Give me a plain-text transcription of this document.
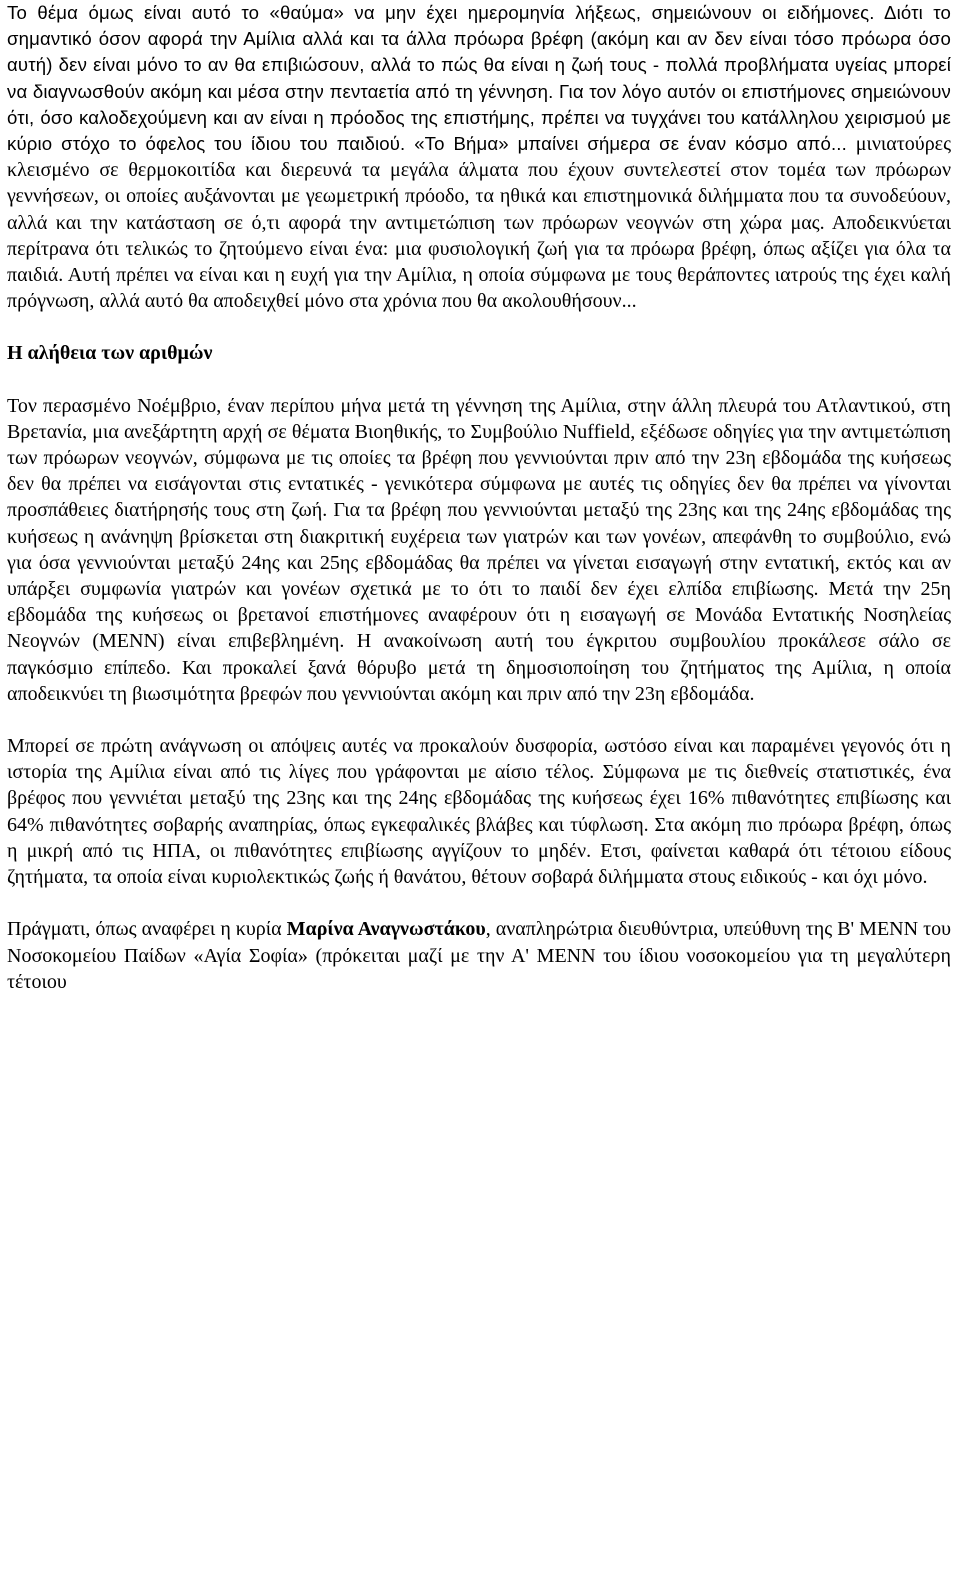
Το θέμα όμως είναι αυτό το «θαύμα» να μην έχει ημερομηνία λήξεως, σημειώνουν οι ειδήμονες. Διότι το σημαντικό όσον αφορά την Αμίλια αλλά και τα άλλα πρόωρα βρέφη (ακόμη και αν δεν είναι τόσο πρόωρα όσο αυτή) δεν είναι μόνο το αν θα επιβιώσουν, αλλά το πώς θα είναι η ζωή τους - πολλά προβλήματα υγείας μπορεί να διαγνωσθούν ακόμη και μέσα στην πενταετία από τη γέννηση. Για τον λόγο αυτόν οι επιστήμονες σημειώνουν ότι, όσο καλοδεχούμενη και αν είναι η πρόοδος της επιστήμης, πρέπει να τυγχάνει του κατάλληλου χειρισμού με κύριο στόχο το όφελος του ίδιου του παιδιού. «Το Βήμα» μπαίνει σήμερα σε έναν κόσμο από... μινιατούρες κλεισμένο σε θερμοκοιτίδα και διερευνά τα μεγάλα άλματα που έχουν συντελεστεί στον τομέα των πρόωρων γεννήσεων, οι οποίες αυξάνονται με γεωμετρική πρόοδο, τα ηθικά και επιστημονικά διλήμματα που τα συνοδεύουν, αλλά και την κατάσταση σε ό,τι αφορά την αντιμετώπιση των πρόωρων νεογνών στη χώρα μας. Αποδεικνύεται περίτρανα ότι τελικώς το ζητούμενο είναι ένα: μια φυσιολογική ζωή για τα πρόωρα βρέφη, όπως αξίζει για όλα τα παιδιά. Αυτή πρέπει να είναι και η ευχή για την Αμίλια, η οποία σύμφωνα με τους θεράποντες ιατρούς της έχει καλή πρόγνωση, αλλά αυτό θα αποδειχθεί μόνο στα χρόνια που θα ακολουθήσουν...

Η αλήθεια των αριθμών

Τον περασμένο Νοέμβριο, έναν περίπου μήνα μετά τη γέννηση της Αμίλια, στην άλλη πλευρά του Ατλαντικού, στη Βρετανία, μια ανεξάρτητη αρχή σε θέματα Βιοηθικής, το Συμβούλιο Nuffield, εξέδωσε οδηγίες για την αντιμετώπιση των πρόωρων νεογνών, σύμφωνα με τις οποίες τα βρέφη που γεννιούνται πριν από την 23η εβδομάδα της κυήσεως δεν θα πρέπει να εισάγονται στις εντατικές - γενικότερα σύμφωνα με αυτές τις οδηγίες δεν θα πρέπει να γίνονται προσπάθειες διατήρησής τους στη ζωή. Για τα βρέφη που γεννιούνται μεταξύ της 23ης και της 24ης εβδομάδας της κυήσεως η ανάνηψη βρίσκεται στη διακριτική ευχέρεια των γιατρών και των γονέων, απεφάνθη το συμβούλιο, ενώ για όσα γεννιούνται μεταξύ 24ης και 25ης εβδομάδας θα πρέπει να γίνεται εισαγωγή στην εντατική, εκτός και αν υπάρξει συμφωνία γιατρών και γονέων σχετικά με το ότι το παιδί δεν έχει ελπίδα επιβίωσης. Μετά την 25η εβδομάδα της κυήσεως οι βρετανοί επιστήμονες αναφέρουν ότι η εισαγωγή σε Μονάδα Εντατικής Νοσηλείας Νεογνών (ΜΕΝΝ) είναι επιβεβλημένη. Η ανακοίνωση αυτή του έγκριτου συμβουλίου προκάλεσε σάλο σε παγκόσμιο επίπεδο. Και προκαλεί ξανά θόρυβο μετά τη δημοσιοποίηση του ζητήματος της Αμίλια, η οποία αποδεικνύει τη βιωσιμότητα βρεφών που γεννιούνται ακόμη και πριν από την 23η εβδομάδα.

Μπορεί σε πρώτη ανάγνωση οι απόψεις αυτές να προκαλούν δυσφορία, ωστόσο είναι και παραμένει γεγονός ότι η ιστορία της Αμίλια είναι από τις λίγες που γράφονται με αίσιο τέλος. Σύμφωνα με τις διεθνείς στατιστικές, ένα βρέφος που γεννιέται μεταξύ της 23ης και της 24ης εβδομάδας της κυήσεως έχει 16% πιθανότητες επιβίωσης και 64% πιθανότητες σοβαρής αναπηρίας, όπως εγκεφαλικές βλάβες και τύφλωση. Στα ακόμη πιο πρόωρα βρέφη, όπως η μικρή από τις ΗΠΑ, οι πιθανότητες επιβίωσης αγγίζουν το μηδέν. Ετσι, φαίνεται καθαρά ότι τέτοιου είδους ζητήματα, τα οποία είναι κυριολεκτικώς ζωής ή θανάτου, θέτουν σοβαρά διλήμματα στους ειδικούς - και όχι μόνο.

Πράγματι, όπως αναφέρει η κυρία Μαρίνα Αναγνωστάκου, αναπληρώτρια διευθύντρια, υπεύθυνη της Β' ΜΕΝΝ του Νοσοκομείου Παίδων «Αγία Σοφία» (πρόκειται μαζί με την Α' ΜΕΝΝ του ίδιου νοσοκομείου για τη μεγαλύτερη τέτοιου
